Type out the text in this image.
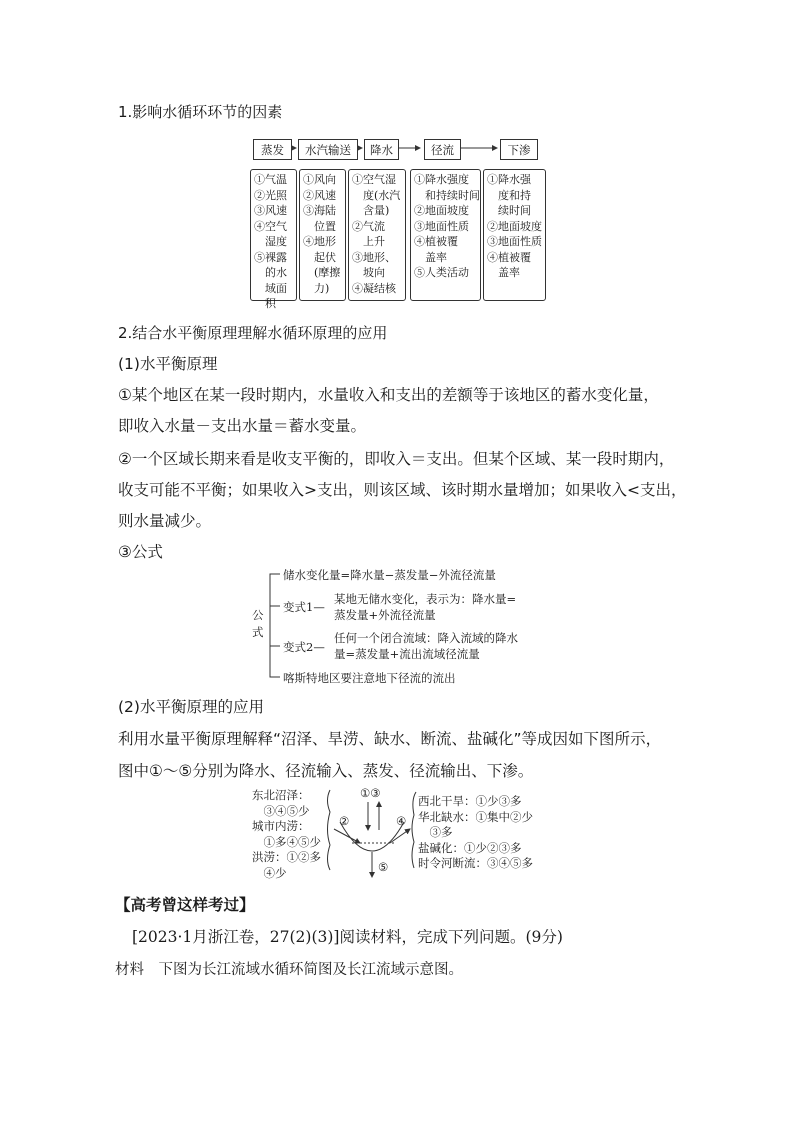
1.影响水循环环节的因素
蒸发	水汽输送	降水	径流	下渗
①气温
②光照
③风速
④空气
　湿度
⑤裸露
　的水
　域面
　积
①风向
②风速
③海陆
　位置
④地形
　起伏
　(摩擦
　力)
①空气湿
　度(水汽
　含量)
②气流
　上升
③地形、
　坡向
④凝结核
①降水强度
　和持续时间
②地面坡度
③地面性质
④植被覆
　盖率
⑤人类活动
①降水强
　度和持
　续时间
②地面坡度
③地面性质
④植被覆
　盖率
2.结合水平衡原理理解水循环原理的应用
(1)水平衡原理
①某个地区在某一段时期内，水量收入和支出的差额等于该地区的蓄水变化量，
即收入水量－支出水量＝蓄水变量。
②一个区域长期来看是收支平衡的，即收入＝支出。但某个区域、某一段时期内，
收支可能不平衡；如果收入>支出，则该区域、该时期水量增加；如果收入<支出，
则水量减少。
③公式
公式
储水变化量=降水量−蒸发量−外流径流量
变式1—
某地无储水变化，表示为：降水量=
蒸发量+外流径流量
变式2—
任何一个闭合流域：降入流域的降水
量=蒸发量+流出流域径流量
喀斯特地区要注意地下径流的流出
(2)水平衡原理的应用
利用水量平衡原理解释“沼泽、旱涝、缺水、断流、盐碱化”等成因如下图所示，
图中①～⑤分别为降水、径流输入、蒸发、径流输出、下渗。
东北沼泽：
　③④⑤少
城市内涝：
　①多④⑤少
洪涝：①②多
　④少
①③
②	④
⑤
西北干旱：①少③多
华北缺水：①集中②少
　③多
盐碱化：①少②③多
时令河断流：③④⑤多
【高考曾这样考过】
[2023·1月浙江卷，27(2)(3)]阅读材料，完成下列问题。(9分)
材料　下图为长江流域水循环简图及长江流域示意图。
